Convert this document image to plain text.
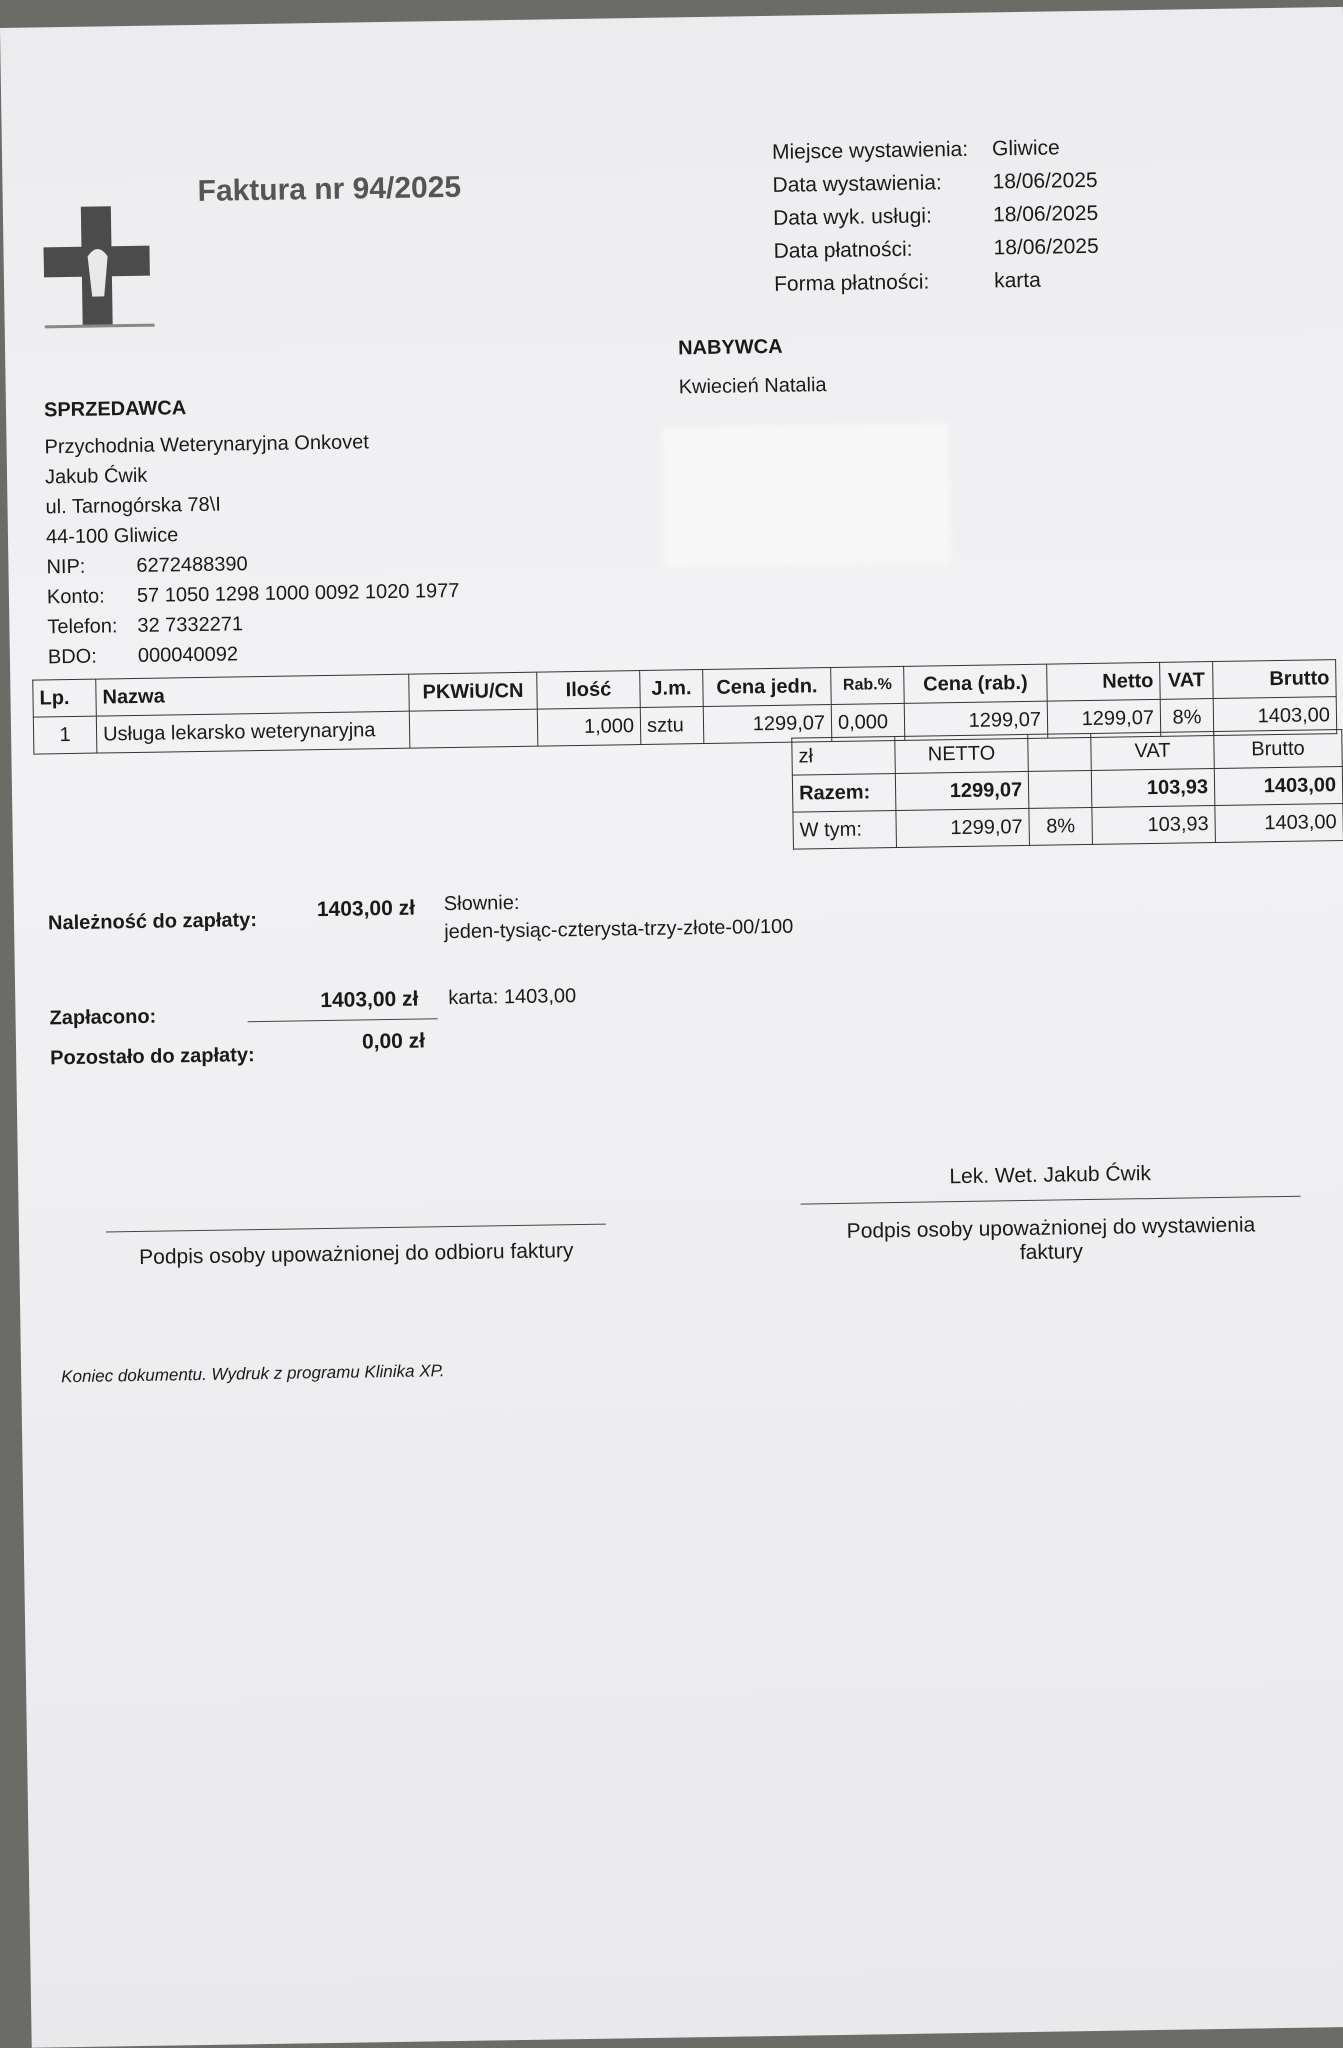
Faktura nr 94/2025
Miejsce wystawienia:	Gliwice
Data wystawienia:	18/06/2025
Data wyk. usługi:	18/06/2025
Data płatności:	18/06/2025
Forma płatności:	karta
NABYWCA
Kwiecień Natalia
SPRZEDAWCA
Przychodnia Weterynaryjna Onkovet
Jakub Ćwik
ul. Tarnogórska 78\I
44-100 Gliwice
NIP:	6272488390
Konto:	57 1050 1298 1000 0092 1020 1977
Telefon: 32 7332271
BDO:	000040092
Lp.	Nazwa	PKWiU/CN	Ilość	J.m.	Cena jedn.	Rab.%	Cena (rab.)	Netto	VAT	Brutto
1	Usługa lekarsko weterynaryjna		1,000	sztu	1299,07	0,000	1299,07	1299,07	8%	1403,00
zł	NETTO		VAT	Brutto
Razem:	1299,07		103,93	1403,00
W tym:	1299,07	8%	103,93	1403,00
Należność do zapłaty:
1403,00 zł Słownie:
jeden-tysiąc-czterysta-trzy-złote-00/100
Zapłacono:
1403,00 zł karta: 1403,00
Pozostało do zapłaty:
0,00 zł
Podpis osoby upoważnionej do odbioru faktury
Lek. Wet. Jakub Ćwik
Podpis osoby upoważnionej do wystawienia
faktury
Koniec dokumentu. Wydruk z programu Klinika XP.
